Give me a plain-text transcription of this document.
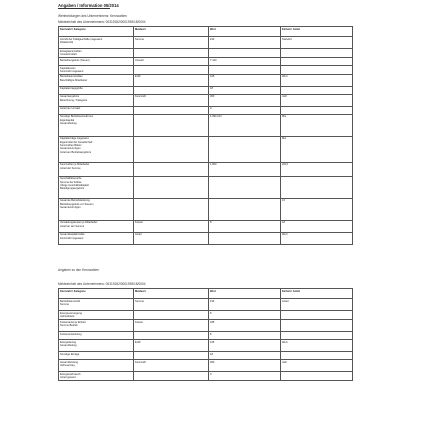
Angaben / Information 05/2014
Wertmeldungen des Unternehmens: Kennzahlen
Meldeeinheit des Unternehmens: 00319182/0001939/18/0004
Kennzahl / Kategorie	Meldeart	Wert	Einheit / Anteil

Anzahl der Filialgeschäfte insgesamt
Filialanzahl	Summe	193	Standort

Ertragskennzahlen
Umsatzmodell			

Betriebsergebnis (Steuer)	Umsatz	7.410	

Kapitalkosten
Kennzahl insgesamt			

Betriebskennzahlen
Beschäftigte Mitarbeiter	EUR	105	Wert

Kapitalertragsgröße		18	

Gesamtergebnis
Berechnung / Kategorie	Kennzahl	360	Jahr

Anteil am Umsatz		0	

Sonstige Betriebseinnahmen
Eigenkapital
Gesamtbetrag		1.093.213	Mio

Kapitalerträge insgesamt
Eigenmittel der Gesellschaft
Kennzahlen Bilanz
Gesamtvermögen
Anteil am Betriebsergebnis			Mio

Kennzahlen je Mitarbeiter
Anteil der Summe		1.903	2013

Geschäftsbereiche
Summe der Erlöse
Übrige Geschäftstätigkeit
Beteiligungsergebnis			

Gesamte Betriebsleistung
Betriebsergebnis vor Steuern
Gesamtvermögen			10

Verwaltungskosten je Mitarbeiter
Anteil an der Summe	Kosten	8	18

Gesamtkapitalrendite
Kennzahl insgesamt	Anteil		Wert
Angaben zu den Kennzahlen
Meldeeinheit des Unternehmens: 00319182/0001939/18/0004
Kennzahl / Kategorie	Meldeart	Wert	Einheit / Anteil

Betriebskennzahl
Summe	Summe	193	Anteil

Energieversorgung
Jahresbilanz		8	

Kostenanteil je Einheit
Summe Betrieb	Kosten	185	

Kostenentwicklung		8	

Energiebezug
Gesamtbetrag	EUR	105	Wert

Sonstige Erträge		18	

Gesamtleistung
Jahresertrag	Kennzahl	360	Jahr

Energieverbrauch
Anteil gesamt		0	
